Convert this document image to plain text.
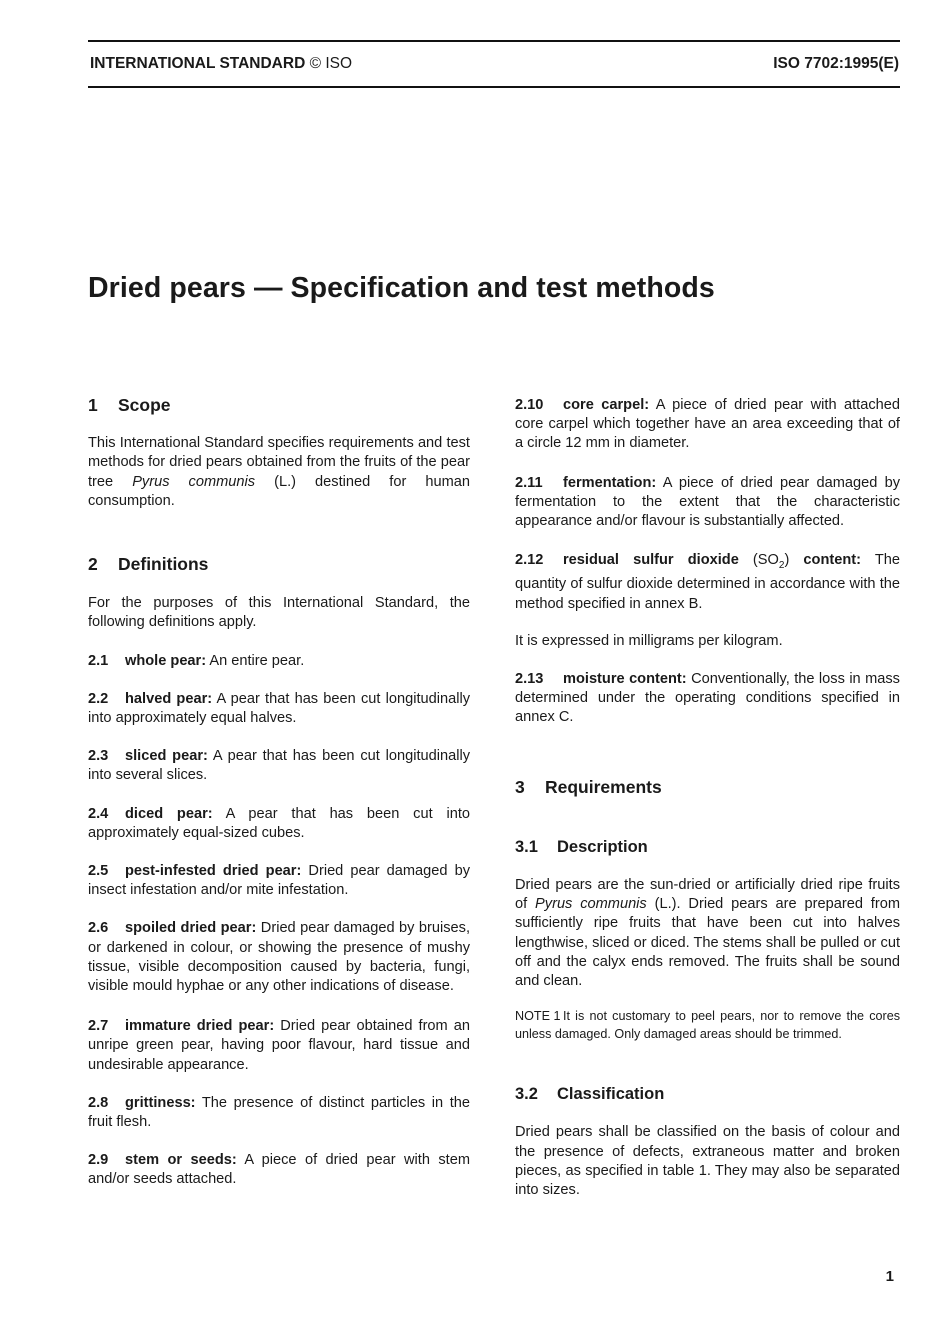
INTERNATIONAL STANDARD © ISO	ISO 7702:1995(E)
Dried pears — Specification and test methods
1 Scope

This International Standard specifies requirements and test methods for dried pears obtained from the fruits of the pear tree Pyrus communis (L.) destined for human consumption.

2 Definitions

For the purposes of this International Standard, the following definitions apply.

2.1 whole pear: An entire pear.

2.2 halved pear: A pear that has been cut longitudinally into approximately equal halves.

2.3 sliced pear: A pear that has been cut longitudinally into several slices.

2.4 diced pear: A pear that has been cut into approximately equal-sized cubes.

2.5 pest-infested dried pear: Dried pear damaged by insect infestation and/or mite infestation.

2.6 spoiled dried pear: Dried pear damaged by bruises, or darkened in colour, or showing the presence of mushy tissue, visible decomposition caused by bacteria, fungi, visible mould hyphae or any other indications of disease.

2.7 immature dried pear: Dried pear obtained from an unripe green pear, having poor flavour, hard tissue and undesirable appearance.

2.8 grittiness: The presence of distinct particles in the fruit flesh.

2.9 stem or seeds: A piece of dried pear with stem and/or seeds attached.

2.10 core carpel: A piece of dried pear with attached core carpel which together have an area exceeding that of a circle 12 mm in diameter.

2.11 fermentation: A piece of dried pear damaged by fermentation to the extent that the characteristic appearance and/or flavour is substantially affected.

2.12 residual sulfur dioxide $(SO_2)$ content: The quantity of sulfur dioxide determined in accordance with the method specified in annex B.

It is expressed in milligrams per kilogram.

2.13 moisture content: Conventionally, the loss in mass determined under the operating conditions specified in annex C.

3 Requirements
3.1 Description

Dried pears are the sun-dried or artificially dried ripe fruits of Pyrus communis (L.). Dried pears are prepared from sufficiently ripe fruits that have been cut into halves lengthwise, sliced or diced. The stems shall be pulled or cut off and the calyx ends removed. The fruits shall be sound and clean.

NOTE 1 It is not customary to peel pears, nor to remove the cores unless damaged. Only damaged areas should be trimmed.

3.2 Classification

Dried pears shall be classified on the basis of colour and the presence of defects, extraneous matter and broken pieces, as specified in table 1. They may also be separated into sizes.

1
